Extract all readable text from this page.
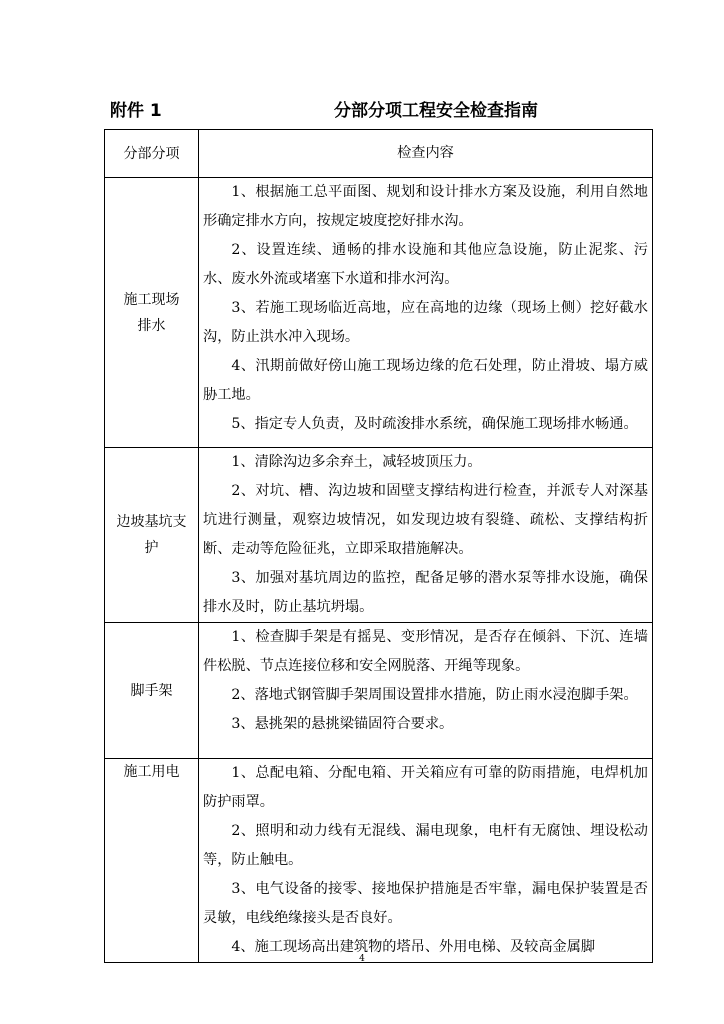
附件 1	分部分项工程安全检查指南
分部分项	检查内容
施工现场排水	1、根据施工总平面图、规划和设计排水方案及设施，利用自然地形确定排水方向，按规定坡度挖好排水沟。

2、设置连续、通畅的排水设施和其他应急设施，防止泥浆、污水、废水外流或堵塞下水道和排水河沟。

3、若施工现场临近高地，应在高地的边缘（现场上侧）挖好截水沟，防止洪水冲入现场。

4、汛期前做好傍山施工现场边缘的危石处理，防止滑坡、塌方威胁工地。

5、指定专人负责，及时疏浚排水系统，确保施工现场排水畅通。

边坡基坑支护	1、清除沟边多余弃土，减轻坡顶压力。

2、对坑、槽、沟边坡和固壁支撑结构进行检查，并派专人对深基坑进行测量，观察边坡情况，如发现边坡有裂缝、疏松、支撑结构折断、走动等危险征兆，立即采取措施解决。

3、加强对基坑周边的监控，配备足够的潜水泵等排水设施，确保排水及时，防止基坑坍塌。

脚手架	1、检查脚手架是有摇晃、变形情况，是否存在倾斜、下沉、连墙件松脱、节点连接位移和安全网脱落、开绳等现象。

2、落地式钢管脚手架周围设置排水措施，防止雨水浸泡脚手架。

3、悬挑架的悬挑梁锚固符合要求。

施工用电	1、总配电箱、分配电箱、开关箱应有可靠的防雨措施，电焊机加防护雨罩。

2、照明和动力线有无混线、漏电现象，电杆有无腐蚀、埋设松动等，防止触电。

3、电气设备的接零、接地保护措施是否牢靠，漏电保护装置是否灵敏，电线绝缘接头是否良好。

4、施工现场高出建筑物的塔吊、外用电梯、及较高金属脚

4
